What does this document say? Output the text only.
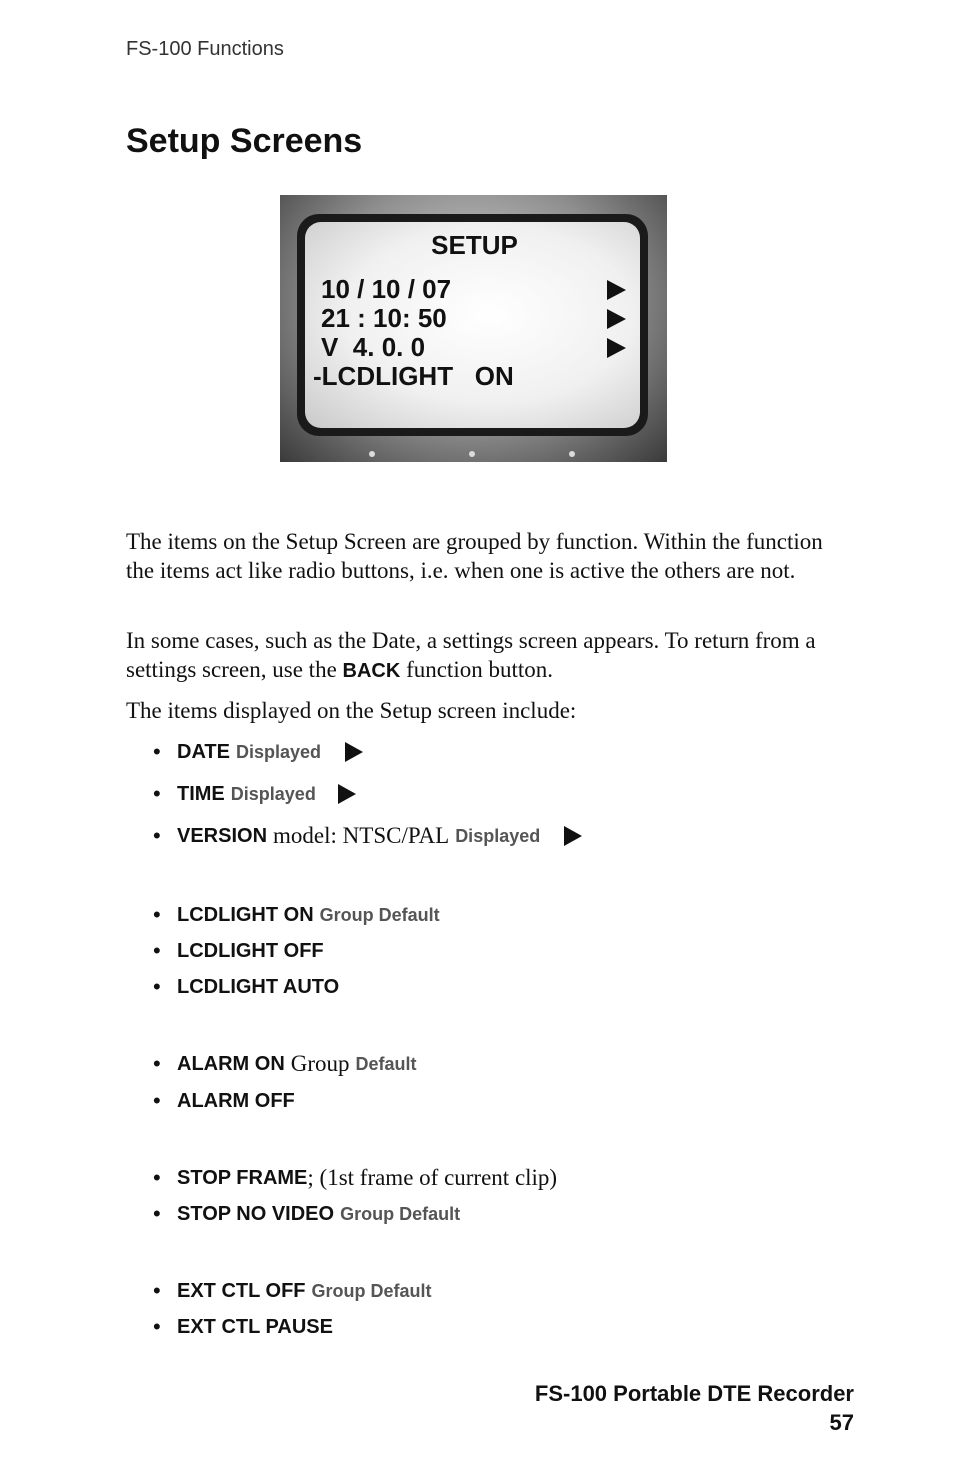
FS-100 Functions
Setup Screens
SETUP
10 / 10 / 07
21 : 10: 50
V  4. 0. 0
-LCDLIGHT   ON

The items on the Setup Screen are grouped by function. Within the function the items act like radio buttons, i.e. when one is active the others are not.

In some cases, such as the Date, a settings screen appears. To return from a settings screen, use the BACK function button.

The items displayed on the Setup screen include:

• DATE Displayed
• TIME Displayed
• VERSION model: NTSC/PAL Displayed
• LCDLIGHT ON Group Default
• LCDLIGHT OFF
• LCDLIGHT AUTO
• ALARM ON Group Default
• ALARM OFF
• STOP FRAME ; (1st frame of current clip)
• STOP NO VIDEO Group Default
• EXT CTL OFF Group Default
• EXT CTL PAUSE
FS-100 Portable DTE Recorder
57
